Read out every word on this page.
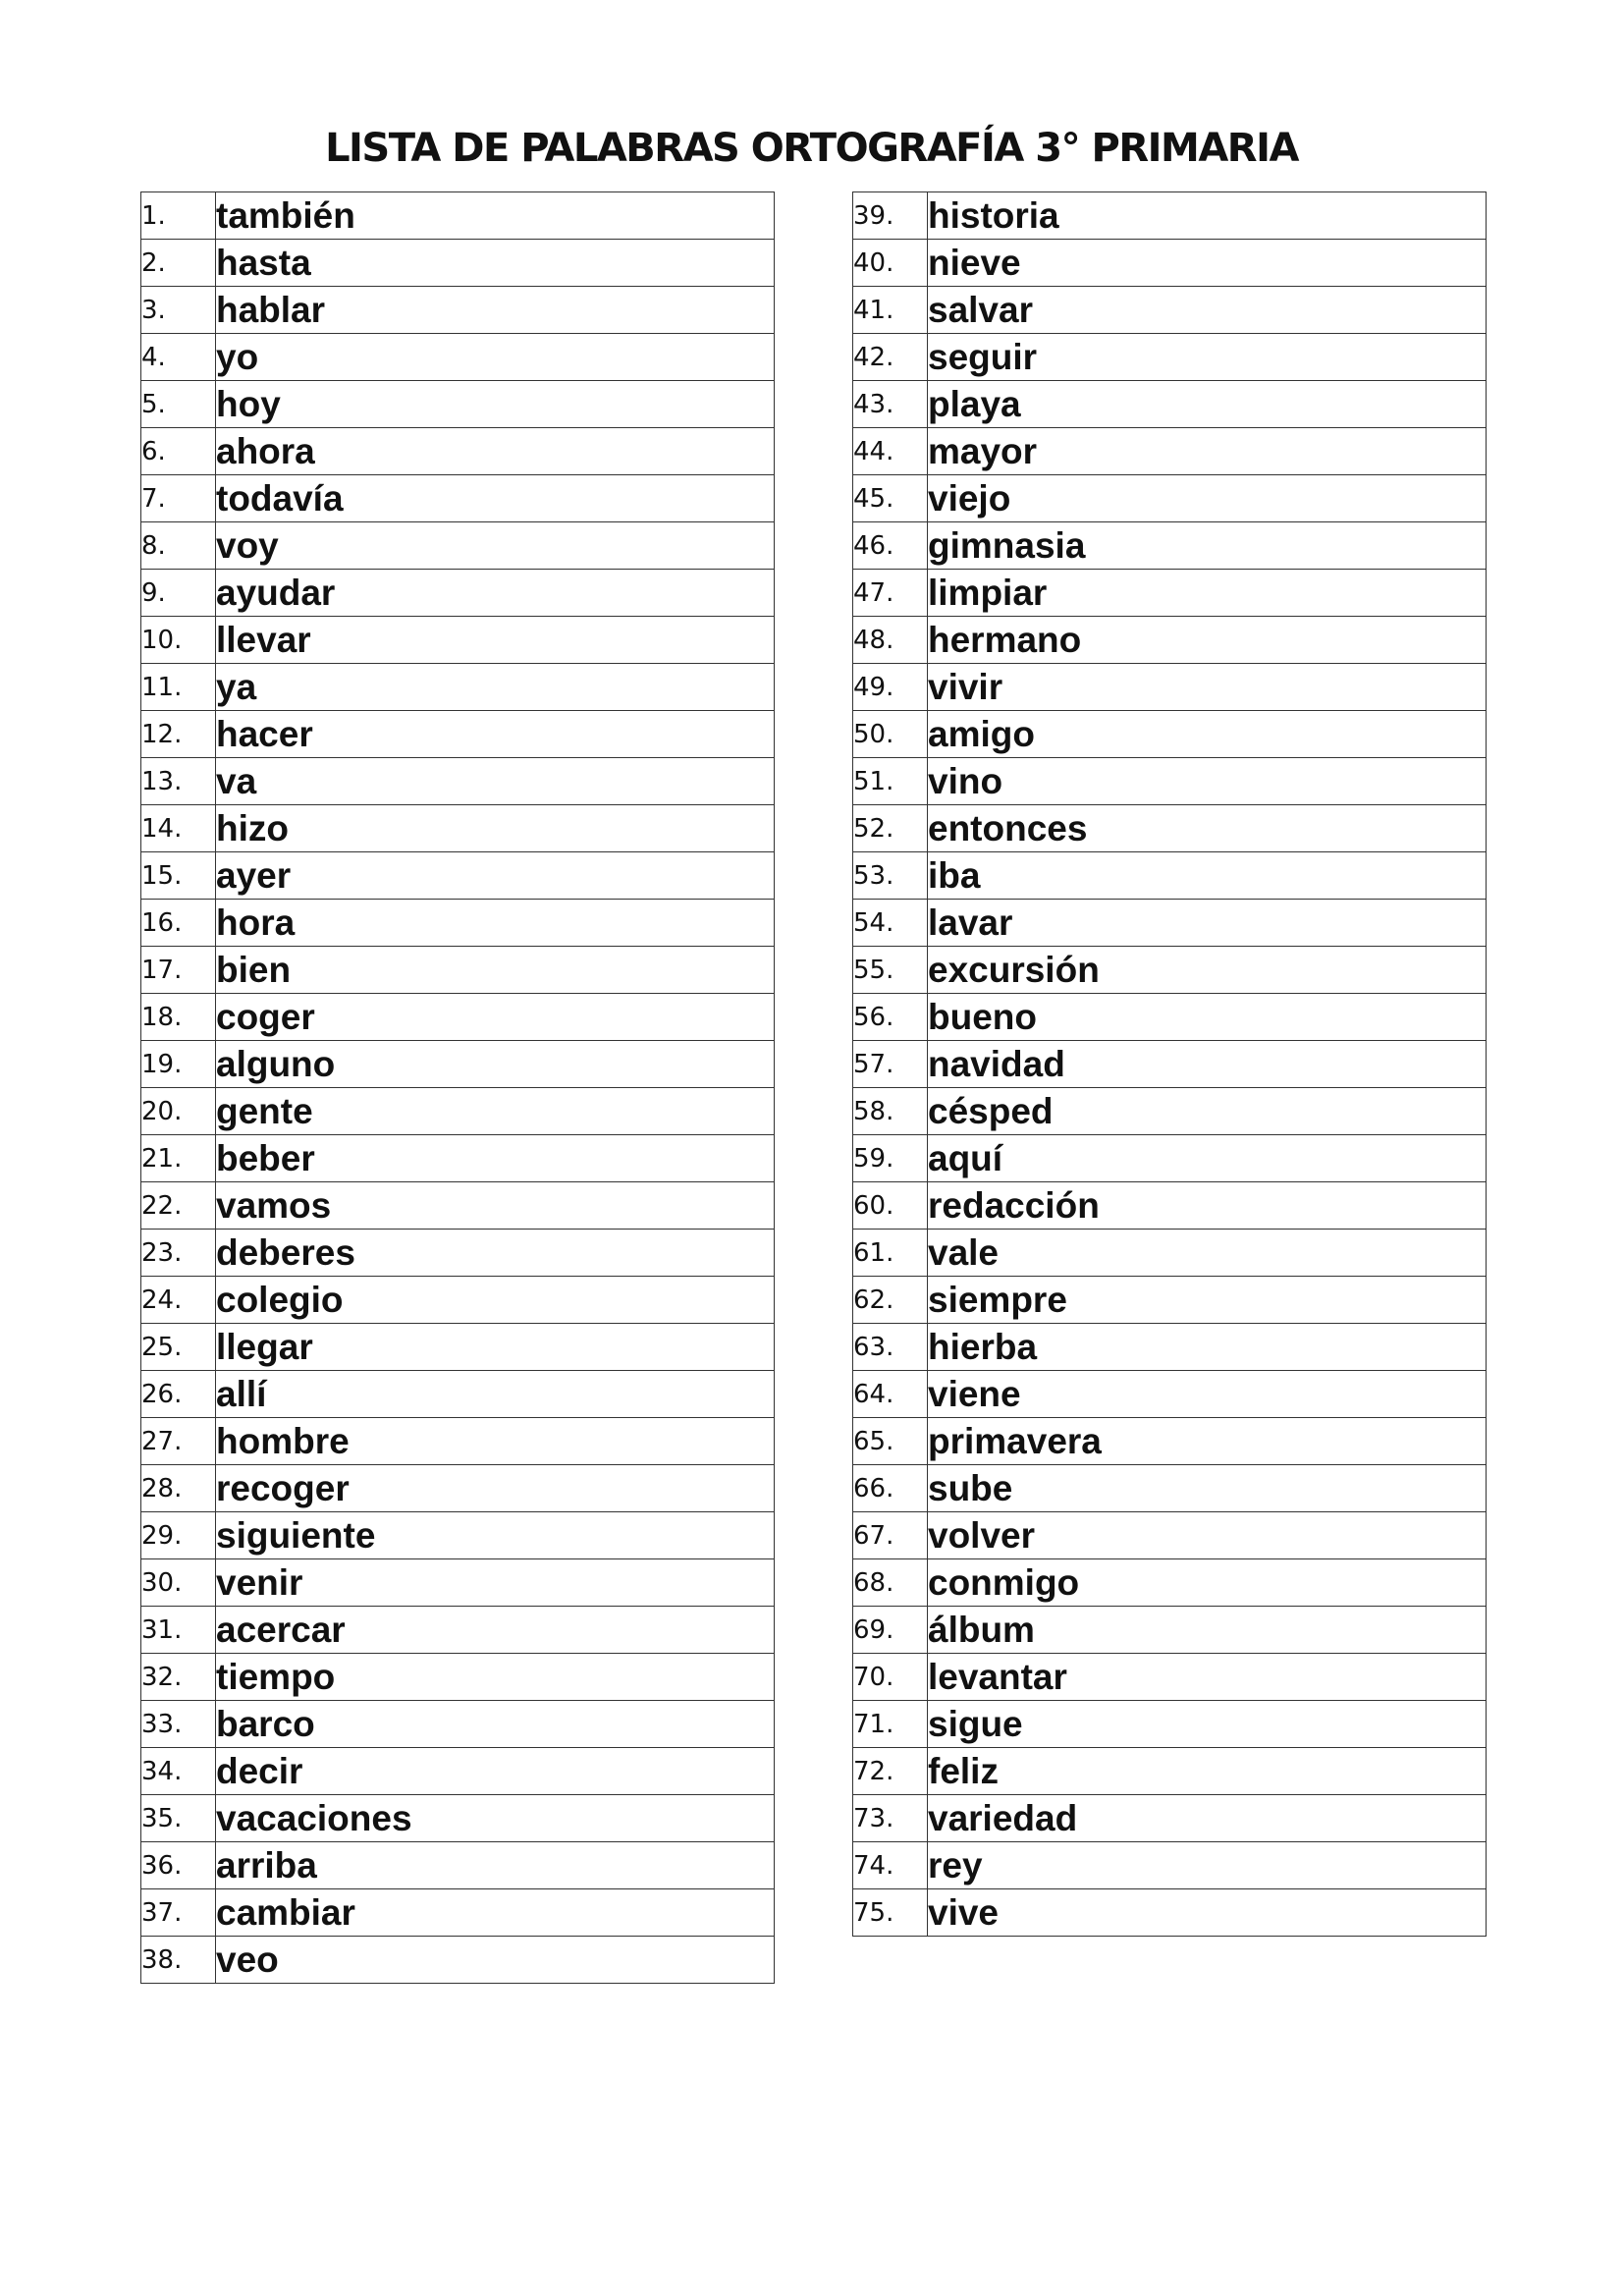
LISTA DE PALABRAS ORTOGRAFÍA 3° PRIMARIA
1.	también
2.	hasta
3.	hablar
4.	yo
5.	hoy
6.	ahora
7.	todavía
8.	voy
9.	ayudar
10.	llevar
11.	ya
12.	hacer
13.	va
14.	hizo
15.	ayer
16.	hora
17.	bien
18.	coger
19.	alguno
20.	gente
21.	beber
22.	vamos
23.	deberes
24.	colegio
25.	llegar
26.	allí
27.	hombre
28.	recoger
29.	siguiente
30.	venir
31.	acercar
32.	tiempo
33.	barco
34.	decir
35.	vacaciones
36.	arriba
37.	cambiar
38.	veo
39.	historia
40.	nieve
41.	salvar
42.	seguir
43.	playa
44.	mayor
45.	viejo
46.	gimnasia
47.	limpiar
48.	hermano
49.	vivir
50.	amigo
51.	vino
52.	entonces
53.	iba
54.	lavar
55.	excursión
56.	bueno
57.	navidad
58.	césped
59.	aquí
60.	redacción
61.	vale
62.	siempre
63.	hierba
64.	viene
65.	primavera
66.	sube
67.	volver
68.	conmigo
69.	álbum
70.	levantar
71.	sigue
72.	feliz
73.	variedad
74.	rey
75.	vive
